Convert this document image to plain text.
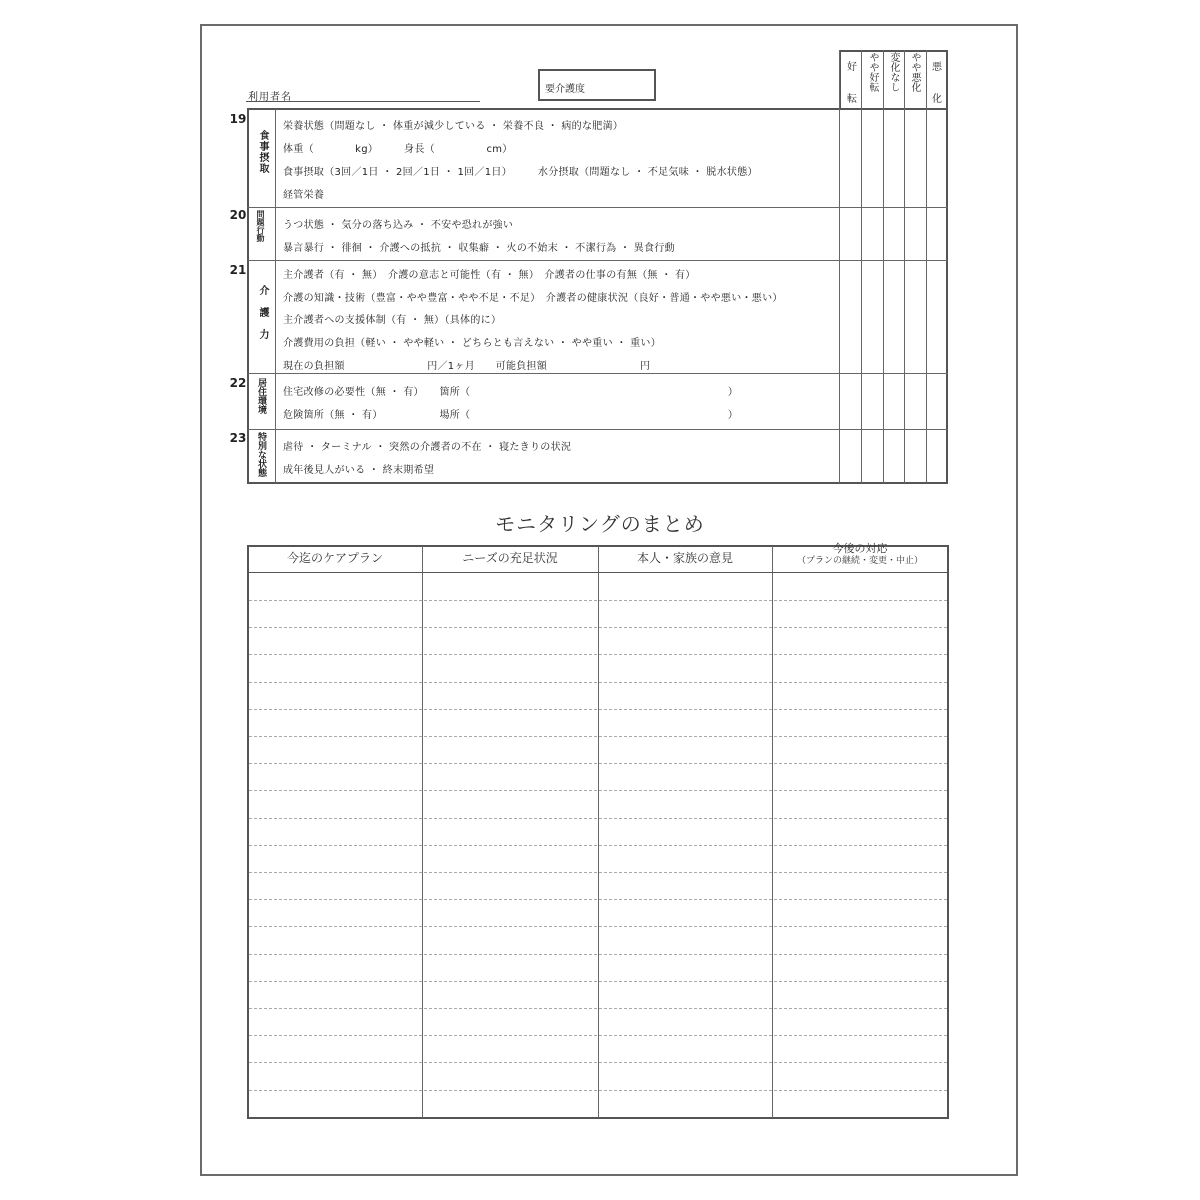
利用者名
要介護度
好転
やや好転 変化なし やや悪化 悪化
19
20
21
22
23
食事摂取
問題行動
介護力
居住環境
特別な状態
栄養状態（問題なし ・ 体重が減少している ・ 栄養不良 ・ 病的な肥満）
体重（　　　　kg）　　　身長（　　　　　cm）
食事摂取（3回／1日 ・ 2回／1日 ・ 1回／1日）　　　水分摂取（問題なし ・ 不足気味 ・ 脱水状態）
経管栄養
うつ状態 ・ 気分の落ち込み ・ 不安や恐れが強い
暴言暴行 ・ 徘徊 ・ 介護への抵抗 ・ 収集癖 ・ 火の不始末 ・ 不潔行為 ・ 異食行動
主介護者（有 ・ 無）　介護の意志と可能性（有 ・ 無）　介護者の仕事の有無（無 ・ 有）
介護の知識・技術（豊富・やや豊富・やや不足・不足）　介護者の健康状況（良好・普通・やや悪い・悪い）
主介護者への支援体制（有 ・ 無）（具体的に）
介護費用の負担（軽い ・ やや軽い ・ どちらとも言えない ・ やや重い ・ 重い）
現在の負担額　　　　　　　　円／1ヶ月　　可能負担額　　　　　　　　　円
住宅改修の必要性（無 ・ 有）　　箇所（　　　　　　　　　　　　　　　　　　　　　　　　　）
危険箇所（無 ・ 有）　　　　　　場所（　　　　　　　　　　　　　　　　　　　　　　　　　）
虐待 ・ ターミナル ・ 突然の介護者の不在 ・ 寝たきりの状況
成年後見人がいる ・ 終末期希望
モニタリングのまとめ
今迄のケアプラン	ニーズの充足状況	本人・家族の意見
今後の対応
（プランの継続・変更・中止）
